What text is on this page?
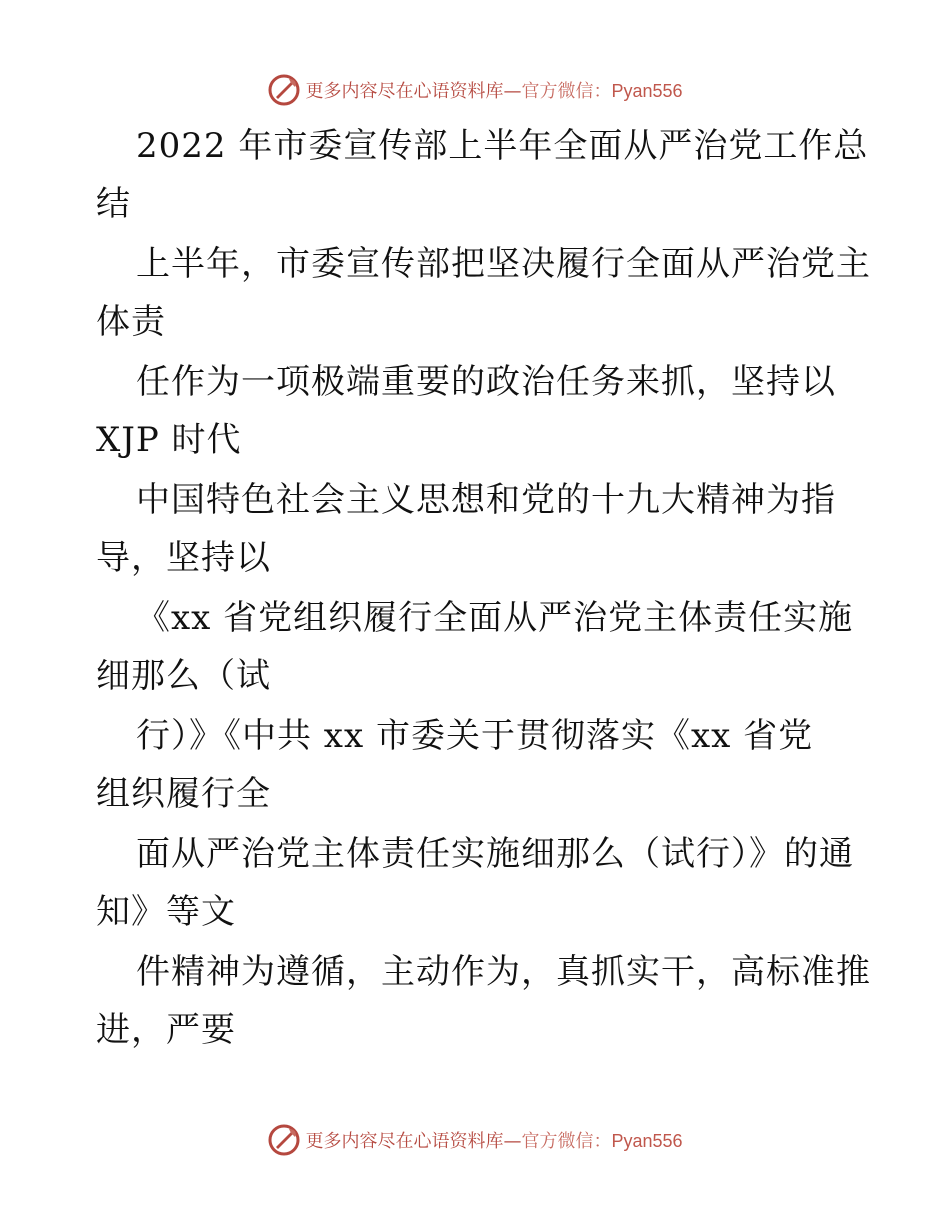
更多内容尽在心语资料库—官方微信：Pyan556
2022 年市委宣传部上半年全面从严治党工作总
结
上半年，市委宣传部把坚决履行全面从严治党主
体责
任作为一项极端重要的政治任务来抓，坚持以
XJP 时代
中国特色社会主义思想和党的十九大精神为指
导，坚持以
《xx 省党组织履行全面从严治党主体责任实施
细那么（试
行）》《中共 xx 市委关于贯彻落实《xx 省党
组织履行全
面从严治党主体责任实施细那么（试行）》的通
知》等文
件精神为遵循，主动作为，真抓实干，高标准推
进，严要
更多内容尽在心语资料库—官方微信：Pyan556
